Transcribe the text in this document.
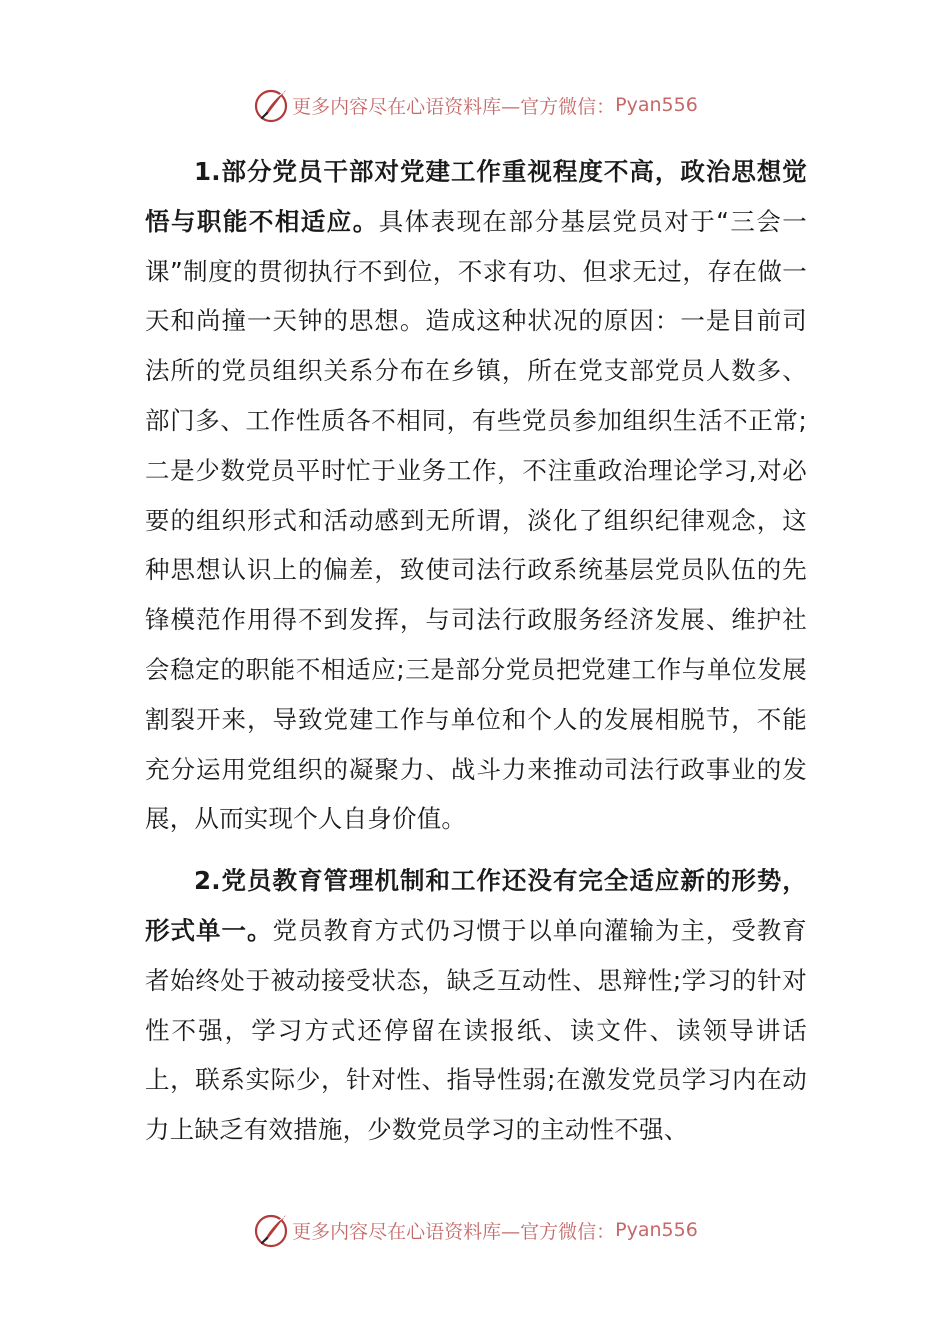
更多内容尽在心语资料库—官方微信： Pyan556

1.部分党员干部对党建工作重视程度不高，政治思想觉悟与职能不相适应。具体表现在部分基层党员对于“三会一课”制度的贯彻执行不到位，不求有功、但求无过，存在做一天和尚撞一天钟的思想。造成这种状况的原因：一是目前司法所的党员组织关系分布在乡镇，所在党支部党员人数多、部门多、工作性质各不相同，有些党员参加组织生活不正常;二是少数党员平时忙于业务工作，不注重政治理论学习,对必要的组织形式和活动感到无所谓，淡化了组织纪律观念，这种思想认识上的偏差，致使司法行政系统基层党员队伍的先锋模范作用得不到发挥，与司法行政服务经济发展、维护社会稳定的职能不相适应;三是部分党员把党建工作与单位发展割裂开来，导致党建工作与单位和个人的发展相脱节，不能充分运用党组织的凝聚力、战斗力来推动司法行政事业的发展，从而实现个人自身价值。

2.党员教育管理机制和工作还没有完全适应新的形势，形式单一。党员教育方式仍习惯于以单向灌输为主，受教育者始终处于被动接受状态，缺乏互动性、思辩性;学习的针对性不强，学习方式还停留在读报纸、读文件、读领导讲话上，联系实际少，针对性、指导性弱;在激发党员学习内在动力上缺乏有效措施，少数党员学习的主动性不强、

更多内容尽在心语资料库—官方微信： Pyan556
